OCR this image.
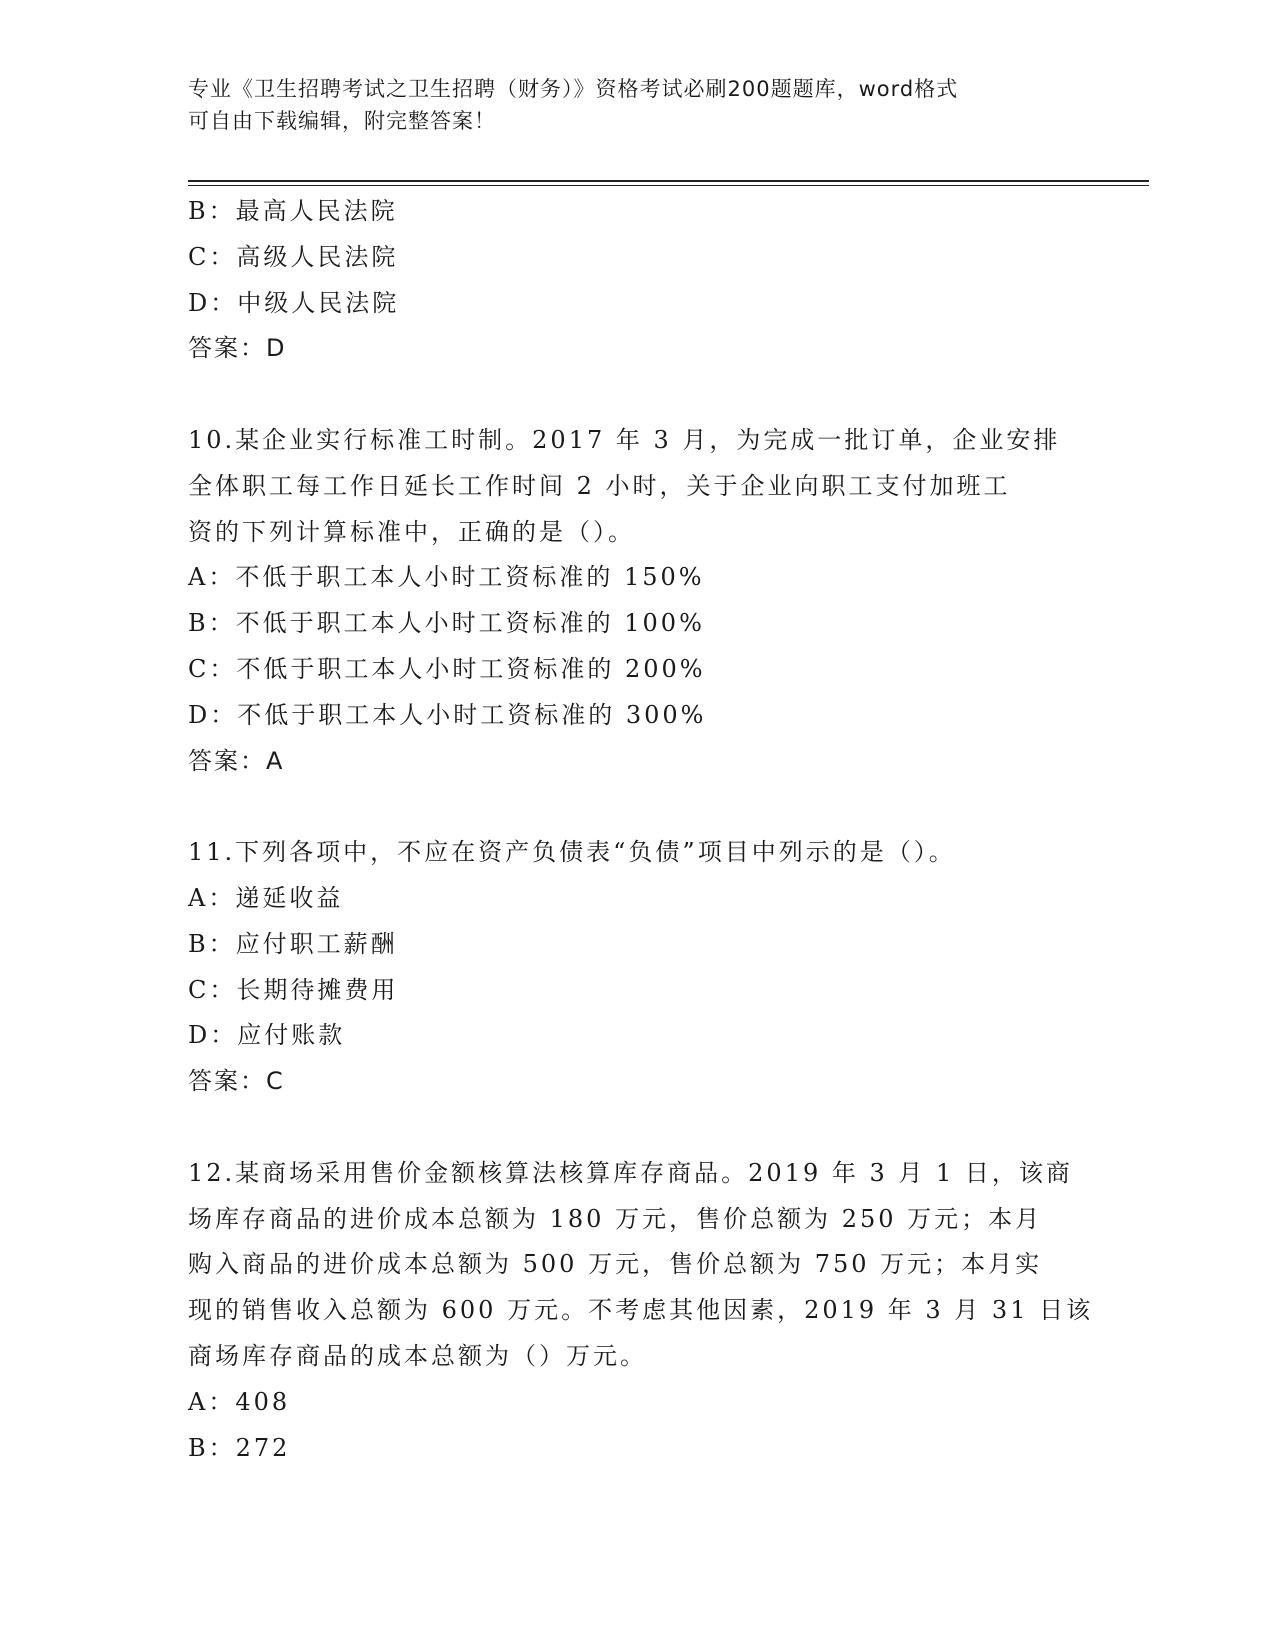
专业《卫生招聘考试之卫生招聘（财务）》资格考试必刷200题题库，word格式
可自由下载编辑，附完整答案！
B：最高人民法院
C：高级人民法院
D：中级人民法院
答案：D
10.某企业实行标准工时制。2017 年 3 月，为完成一批订单，企业安排
全体职工每工作日延长工作时间 2 小时，关于企业向职工支付加班工
资的下列计算标准中，正确的是（）。
A：不低于职工本人小时工资标准的 150%
B：不低于职工本人小时工资标准的 100%
C：不低于职工本人小时工资标准的 200%
D：不低于职工本人小时工资标准的 300%
答案：A
11.下列各项中，不应在资产负债表“负债”项目中列示的是（）。
A：递延收益
B：应付职工薪酬
C：长期待摊费用
D：应付账款
答案：C
12.某商场采用售价金额核算法核算库存商品。2019 年 3 月 1 日，该商
场库存商品的进价成本总额为 180 万元，售价总额为 250 万元；本月
购入商品的进价成本总额为 500 万元，售价总额为 750 万元；本月实
现的销售收入总额为 600 万元。不考虑其他因素，2019 年 3 月 31 日该
商场库存商品的成本总额为（）万元。
A：408
B：272
